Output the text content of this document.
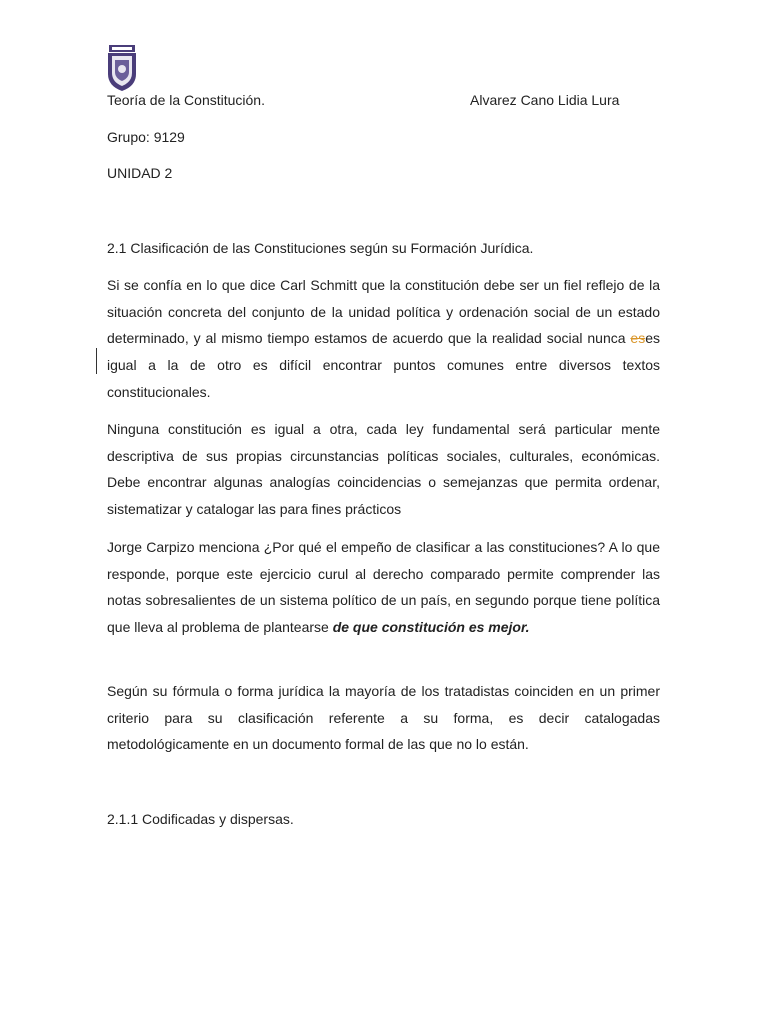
Teoría de la Constitución.	Alvarez Cano Lidia Lura
Grupo: 9129
UNIDAD 2
2.1 Clasificación de las Constituciones según su Formación Jurídica.
Si se confía en lo que dice Carl Schmitt que la constitución debe ser un fiel reflejo de la situación concreta del conjunto de la unidad política y ordenación social de un estado determinado, y al mismo tiempo estamos de acuerdo que la realidad social nunca eses igual a la de otro es difícil encontrar puntos comunes entre diversos textos constitucionales.
Ninguna constitución es igual a otra, cada ley fundamental será particular mente descriptiva de sus propias circunstancias políticas sociales, culturales, económicas. Debe encontrar algunas analogías coincidencias o semejanzas que permita ordenar, sistematizar y catalogar las para fines prácticos
Jorge Carpizo menciona ¿Por qué el empeño de clasificar a las constituciones? A lo que responde, porque este ejercicio curul al derecho comparado permite comprender las notas sobresalientes de un sistema político de un país, en segundo porque tiene política que lleva al problema de plantearse de que constitución es mejor.
Según su fórmula o forma jurídica la mayoría de los tratadistas coinciden en un primer criterio para su clasificación referente a su forma, es decir catalogadas metodológicamente en un documento formal de las que no lo están.
2.1.1 Codificadas y dispersas.
